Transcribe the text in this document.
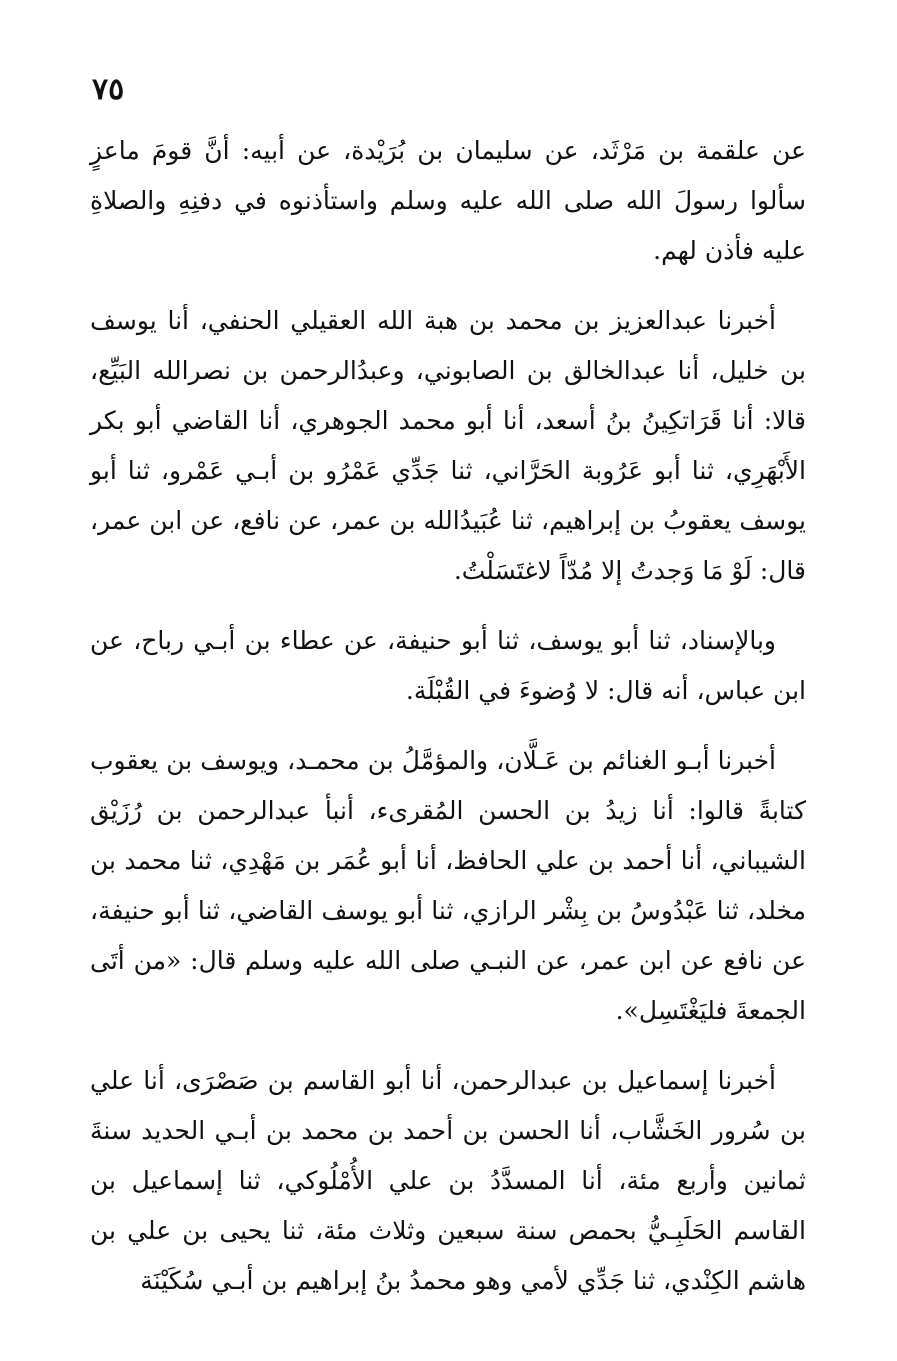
٧٥

عن علقمة بن مَرْثَد، عن سليمان بن بُرَيْدة، عن أبيه: أنَّ قومَ ماعزٍ سألوا رسولَ الله صلى الله عليه وسلم واستأذنوه في دفنِهِ والصلاةِ عليه فأذن لهم.

أخبرنا عبدالعزيز بن محمد بن هبة الله العقيلي الحنفي، أنا يوسف بن خليل، أنا عبدالخالق بن الصابوني، وعبدُالرحمن بن نصرالله البَيِّع، قالا: أنا قَرَاتكِينُ بنُ أسعد، أنا أبو محمد الجوهري، أنا القاضي أبو بكر الأَبْهَرِي، ثنا أبو عَرُوبة الحَرَّاني، ثنا جَدِّي عَمْرُو بن أبـي عَمْرو، ثنا أبو يوسف يعقوبُ بن إبراهيم، ثنا عُبَيدُالله بن عمر، عن نافع، عن ابن عمر، قال: لَوْ مَا وَجدتُ إلا مُدّاً لاغتَسَلْتُ.

وبالإسناد، ثنا أبو يوسف، ثنا أبو حنيفة، عن عطاء بن أبـي رباح، عن ابن عباس، أنه قال: لا وُضوءَ في القُبْلَة.

أخبرنا أبـو الغنائم بن عَـلَّان، والمؤمَّلُ بن محمـد، ويوسف بن يعقوب كتابةً قالوا: أنا زيدُ بن الحسن المُقرىء، أنبأ عبدالرحمن بن رُزَيْق الشيباني، أنا أحمد بن علي الحافظ، أنا أبو عُمَر بن مَهْدِي، ثنا محمد بن مخلد، ثنا عَبْدُوسُ بن بِشْر الرازي، ثنا أبو يوسف القاضي، ثنا أبو حنيفة، عن نافع عن ابن عمر، عن النبـي صلى الله عليه وسلم قال: «من أتَى الجمعةَ فليَغْتَسِل».

أخبرنا إسماعيل بن عبدالرحمن، أنا أبو القاسم بن صَصْرَى، أنا علي بن سُرور الخَشَّاب، أنا الحسن بن أحمد بن محمد بن أبـي الحديد سنةَ ثمانين وأربع مئة، أنا المسدَّدُ بن علي الأُمْلُوكي، ثنا إسماعيل بن القاسم الحَلَبِـيُّ بحمص سنة سبعين وثلاث مئة، ثنا يحيى بن علي بن هاشم الكِنْدي، ثنا جَدِّي لأمي وهو محمدُ بنُ إبراهيم بن أبـي سُكَيْنَة
